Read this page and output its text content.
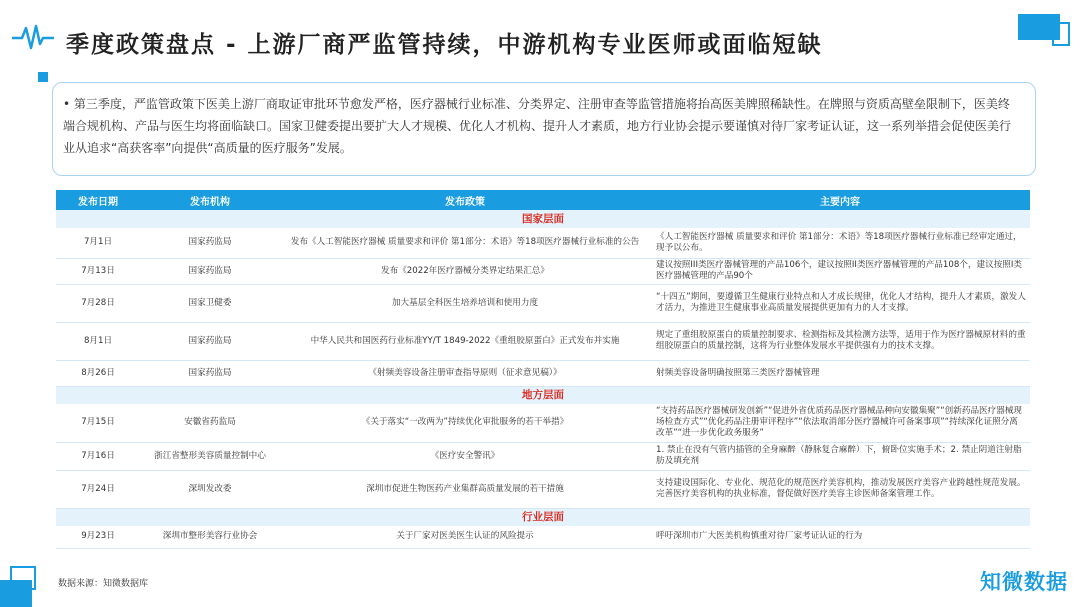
季度政策盘点 - 上游厂商严监管持续，中游机构专业医师或面临短缺

• 第三季度，严监管政策下医美上游厂商取证审批环节愈发严格，医疗器械行业标准、分类界定、注册审查等监管措施将抬高医美牌照稀缺性。在牌照与资质高壁垒限制下，医美终端合规机构、产品与医生均将面临缺口。国家卫健委提出要扩大人才规模、优化人才机构、提升人才素质，地方行业协会提示要谨慎对待厂家考证认证，这一系列举措会促使医美行业从追求“高获客率”向提供“高质量的医疗服务”发展。

发布日期	发布机构	发布政策	主要内容
国家层面			
7月1日	国家药监局	发布《人工智能医疗器械 质量要求和评价 第1部分：术语》等18项医疗器械行业标准的公告	《人工智能医疗器械 质量要求和评价 第1部分：术语》等18项医疗器械行业标准已经审定通过，现予以公布。
7月13日	国家药监局	发布《2022年医疗器械分类界定结果汇总》	建议按照III类医疗器械管理的产品106个，建议按照II类医疗器械管理的产品108个，建议按照I类医疗器械管理的产品90个
7月28日	国家卫健委	加大基层全科医生培养培训和使用力度	“十四五”期间，要遵循卫生健康行业特点和人才成长规律，优化人才结构，提升人才素质，激发人才活力，为推进卫生健康事业高质量发展提供更加有力的人才支撑。
8月1日	国家药监局	中华人民共和国医药行业标准YY/T 1849-2022《重组胶原蛋白》正式发布并实施	规定了重组胶原蛋白的质量控制要求、检测指标及其检测方法等，适用于作为医疗器械原材料的重组胶原蛋白的质量控制，这将为行业整体发展水平提供强有力的技术支撑。
8月26日	国家药监局	《射频美容设备注册审查指导原则（征求意见稿）》	射频美容设备明确按照第三类医疗器械管理
地方层面			
7月15日	安徽省药监局	《关于落实“一改两为”持续优化审批服务的若干举措》	“支持药品医疗器械研发创新”“促进外省优质药品医疗器械品种向安徽集聚”“创新药品医疗器械现场检查方式”“优化药品注册审评程序”“依法取消部分医疗器械许可备案事项”“持续深化证照分离改革”“进一步优化政务服务”
7月16日	浙江省整形美容质量控制中心	《医疗安全警讯》	1. 禁止在没有气管内插管的全身麻醉（静脉复合麻醉）下，俯卧位实施手术；2. 禁止阴道注射脂肪及填充剂
7月24日	深圳发改委	深圳市促进生物医药产业集群高质量发展的若干措施	支持建设国际化、专业化、规范化的规范医疗美容机构，推动发展医疗美容产业跨越性规范发展。完善医疗美容机构的执业标准，督促做好医疗美容主诊医师备案管理工作。
行业层面			
9月23日	深圳市整形美容行业协会	关于厂家对医美医生认证的风险提示	呼吁深圳市广大医美机构慎重对待厂家考证认证的行为
数据来源：知微数据库	知微数据
